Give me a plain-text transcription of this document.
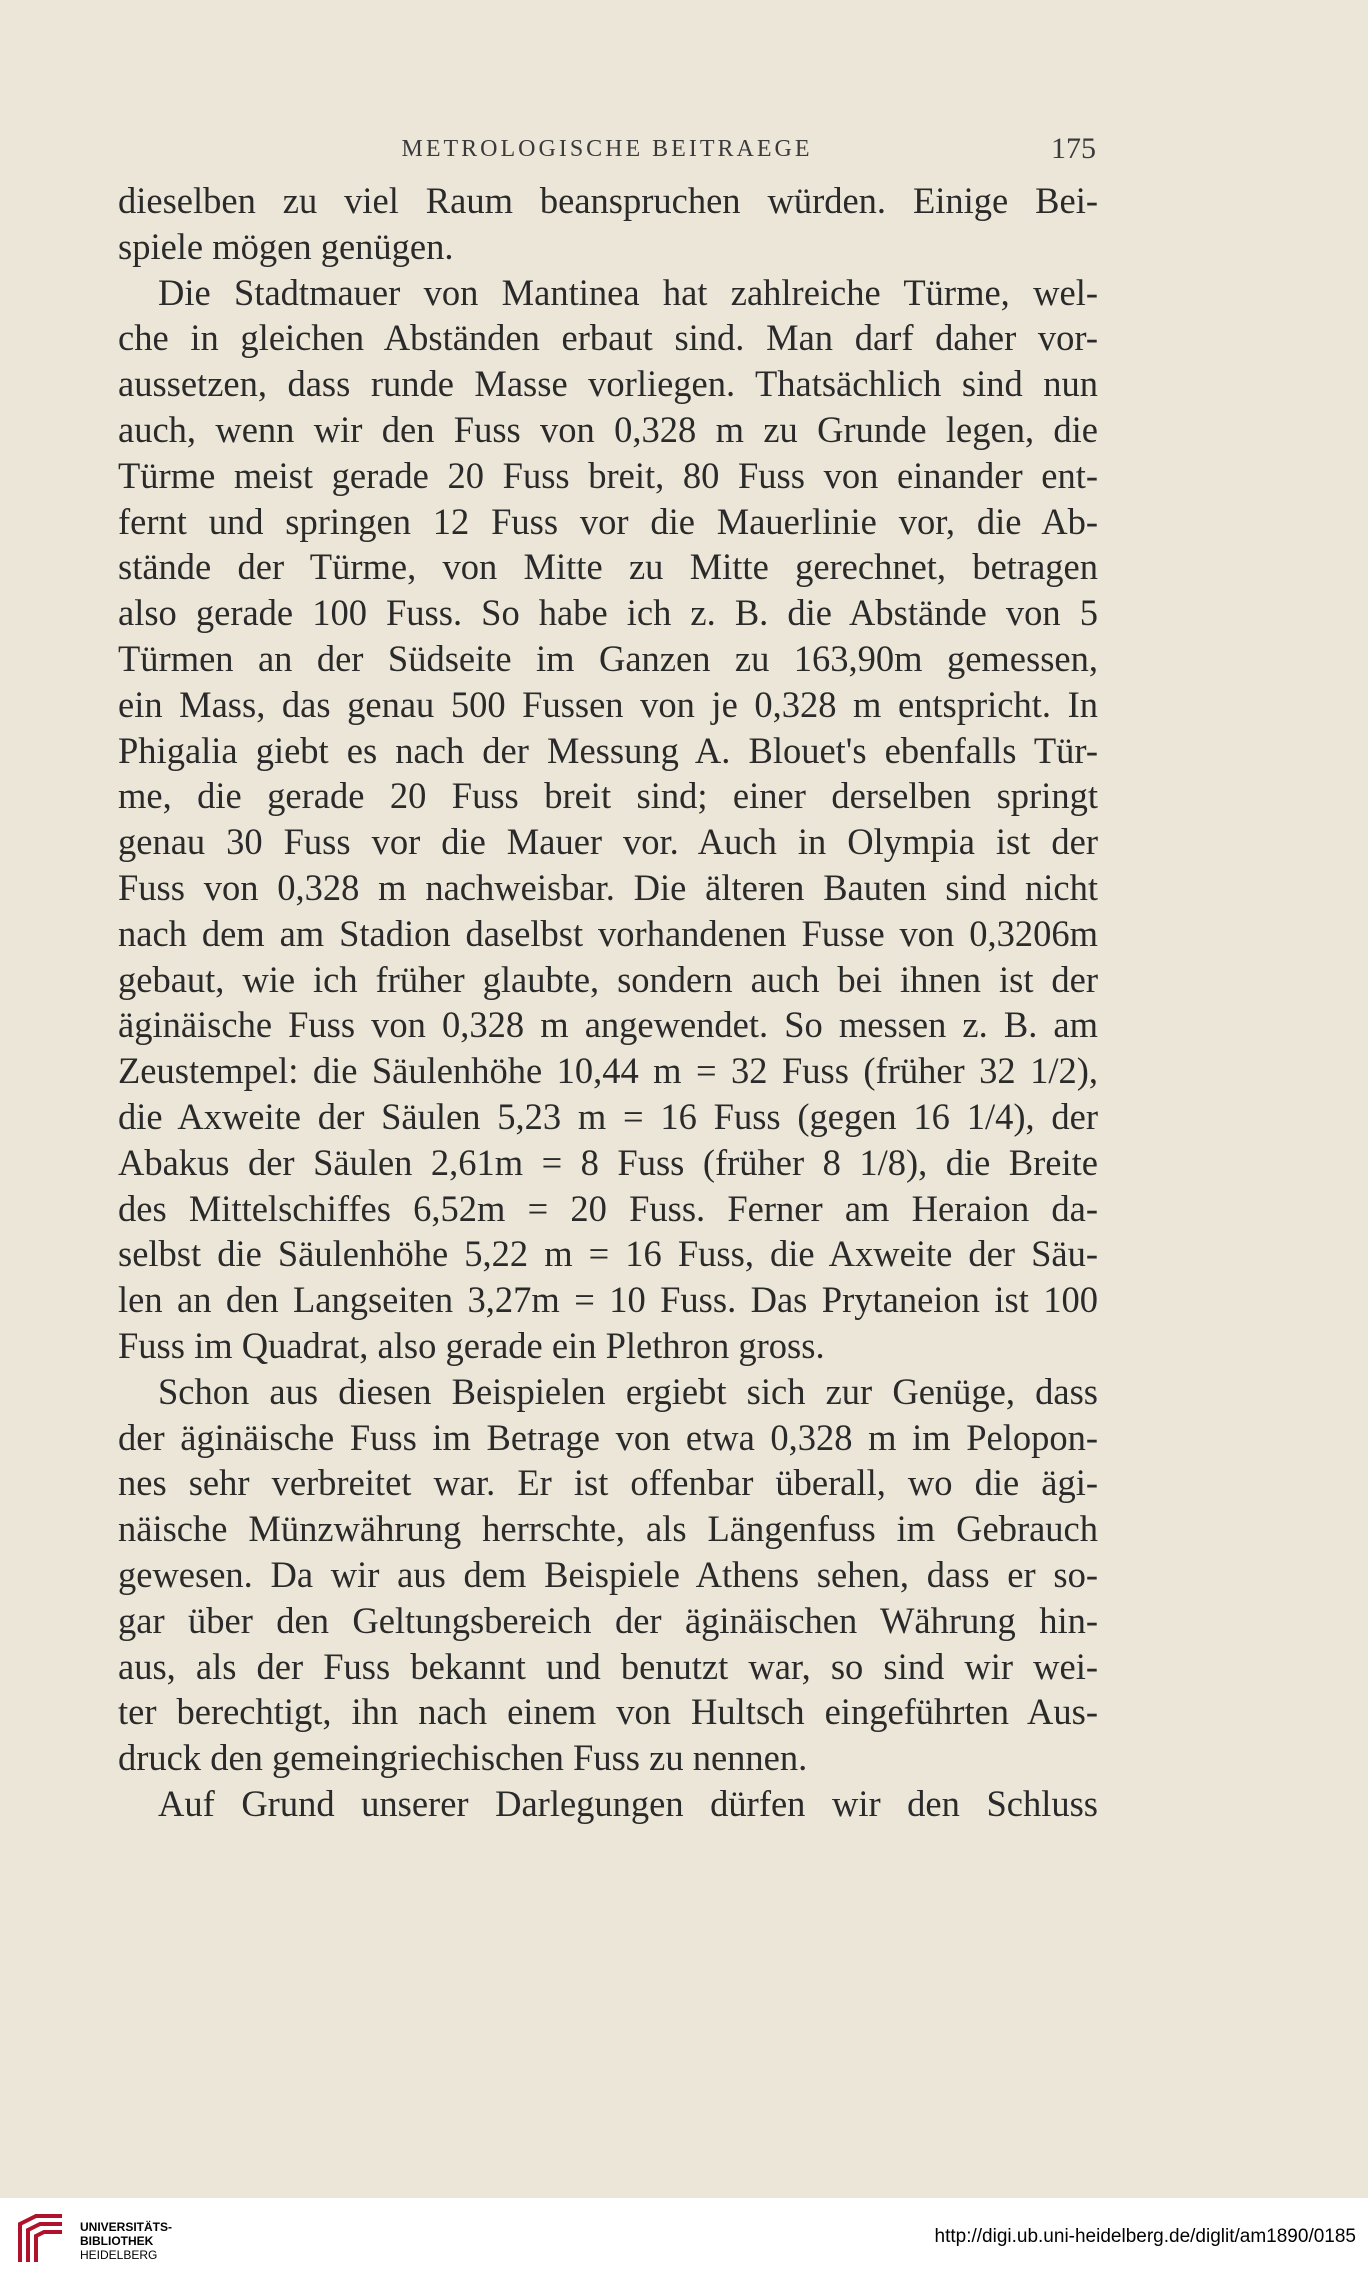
METROLOGISCHE BEITRAEGE	175
dieselben zu viel Raum beanspruchen würden. Einige Bei-
spiele mögen genügen.
Die Stadtmauer von Mantinea hat zahlreiche Türme, wel-
che in gleichen Abständen erbaut sind. Man darf daher vor-
aussetzen, dass runde Masse vorliegen. Thatsächlich sind nun
auch, wenn wir den Fuss von 0,328 m zu Grunde legen, die
Türme meist gerade 20 Fuss breit, 80 Fuss von einander ent-
fernt und springen 12 Fuss vor die Mauerlinie vor, die Ab-
stände der Türme, von Mitte zu Mitte gerechnet, betragen
also gerade 100 Fuss. So habe ich z. B. die Abstände von 5
Türmen an der Südseite im Ganzen zu 163,90m gemessen,
ein Mass, das genau 500 Fussen von je 0,328 m entspricht. In
Phigalia giebt es nach der Messung A. Blouet's ebenfalls Tür-
me, die gerade 20 Fuss breit sind; einer derselben springt
genau 30 Fuss vor die Mauer vor. Auch in Olympia ist der
Fuss von 0,328 m nachweisbar. Die älteren Bauten sind nicht
nach dem am Stadion daselbst vorhandenen Fusse von 0,3206m
gebaut, wie ich früher glaubte, sondern auch bei ihnen ist der
äginäische Fuss von 0,328 m angewendet. So messen z. B. am
Zeustempel: die Säulenhöhe 10,44 m = 32 Fuss (früher 32 1/2),
die Axweite der Säulen 5,23 m = 16 Fuss (gegen 16 1/4), der
Abakus der Säulen 2,61m = 8 Fuss (früher 8 1/8), die Breite
des Mittelschiffes 6,52m = 20 Fuss. Ferner am Heraion da-
selbst die Säulenhöhe 5,22 m = 16 Fuss, die Axweite der Säu-
len an den Langseiten 3,27m = 10 Fuss. Das Prytaneion ist 100
Fuss im Quadrat, also gerade ein Plethron gross.
Schon aus diesen Beispielen ergiebt sich zur Genüge, dass
der äginäische Fuss im Betrage von etwa 0,328 m im Pelopon-
nes sehr verbreitet war. Er ist offenbar überall, wo die ägi-
näische Münzwährung herrschte, als Längenfuss im Gebrauch
gewesen. Da wir aus dem Beispiele Athens sehen, dass er so-
gar über den Geltungsbereich der äginäischen Währung hin-
aus, als der Fuss bekannt und benutzt war, so sind wir wei-
ter berechtigt, ihn nach einem von Hultsch eingeführten Aus-
druck den gemeingriechischen Fuss zu nennen.
Auf Grund unserer Darlegungen dürfen wir den Schluss
UNIVERSITÄTS-
BIBLIOTHEK
HEIDELBERG
http://digi.ub.uni-heidelberg.de/diglit/am1890/0185
